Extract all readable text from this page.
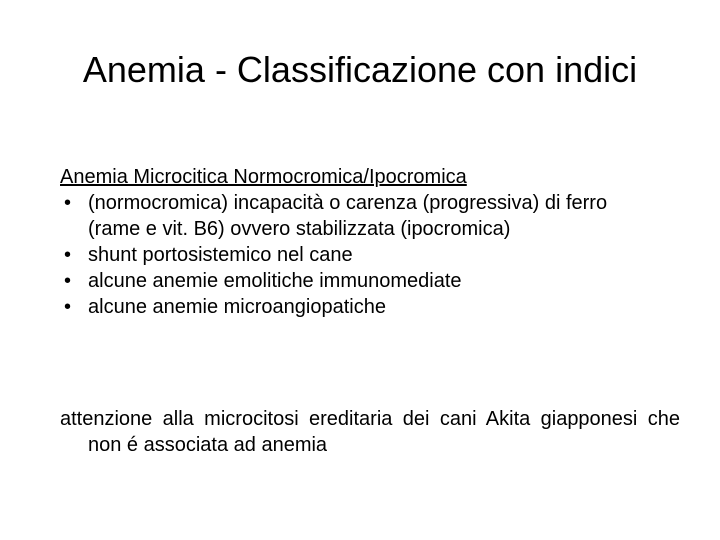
Anemia - Classificazione con indici
Anemia Microcitica Normocromica/Ipocromica
• (normocromica) incapacità o carenza (progressiva) di ferro (rame e vit. B6) ovvero stabilizzata (ipocromica)
• shunt portosistemico nel cane
• alcune anemie emolitiche immunomediate
• alcune anemie microangiopatiche

attenzione alla microcitosi ereditaria dei cani Akita giapponesi che non é associata ad anemia
